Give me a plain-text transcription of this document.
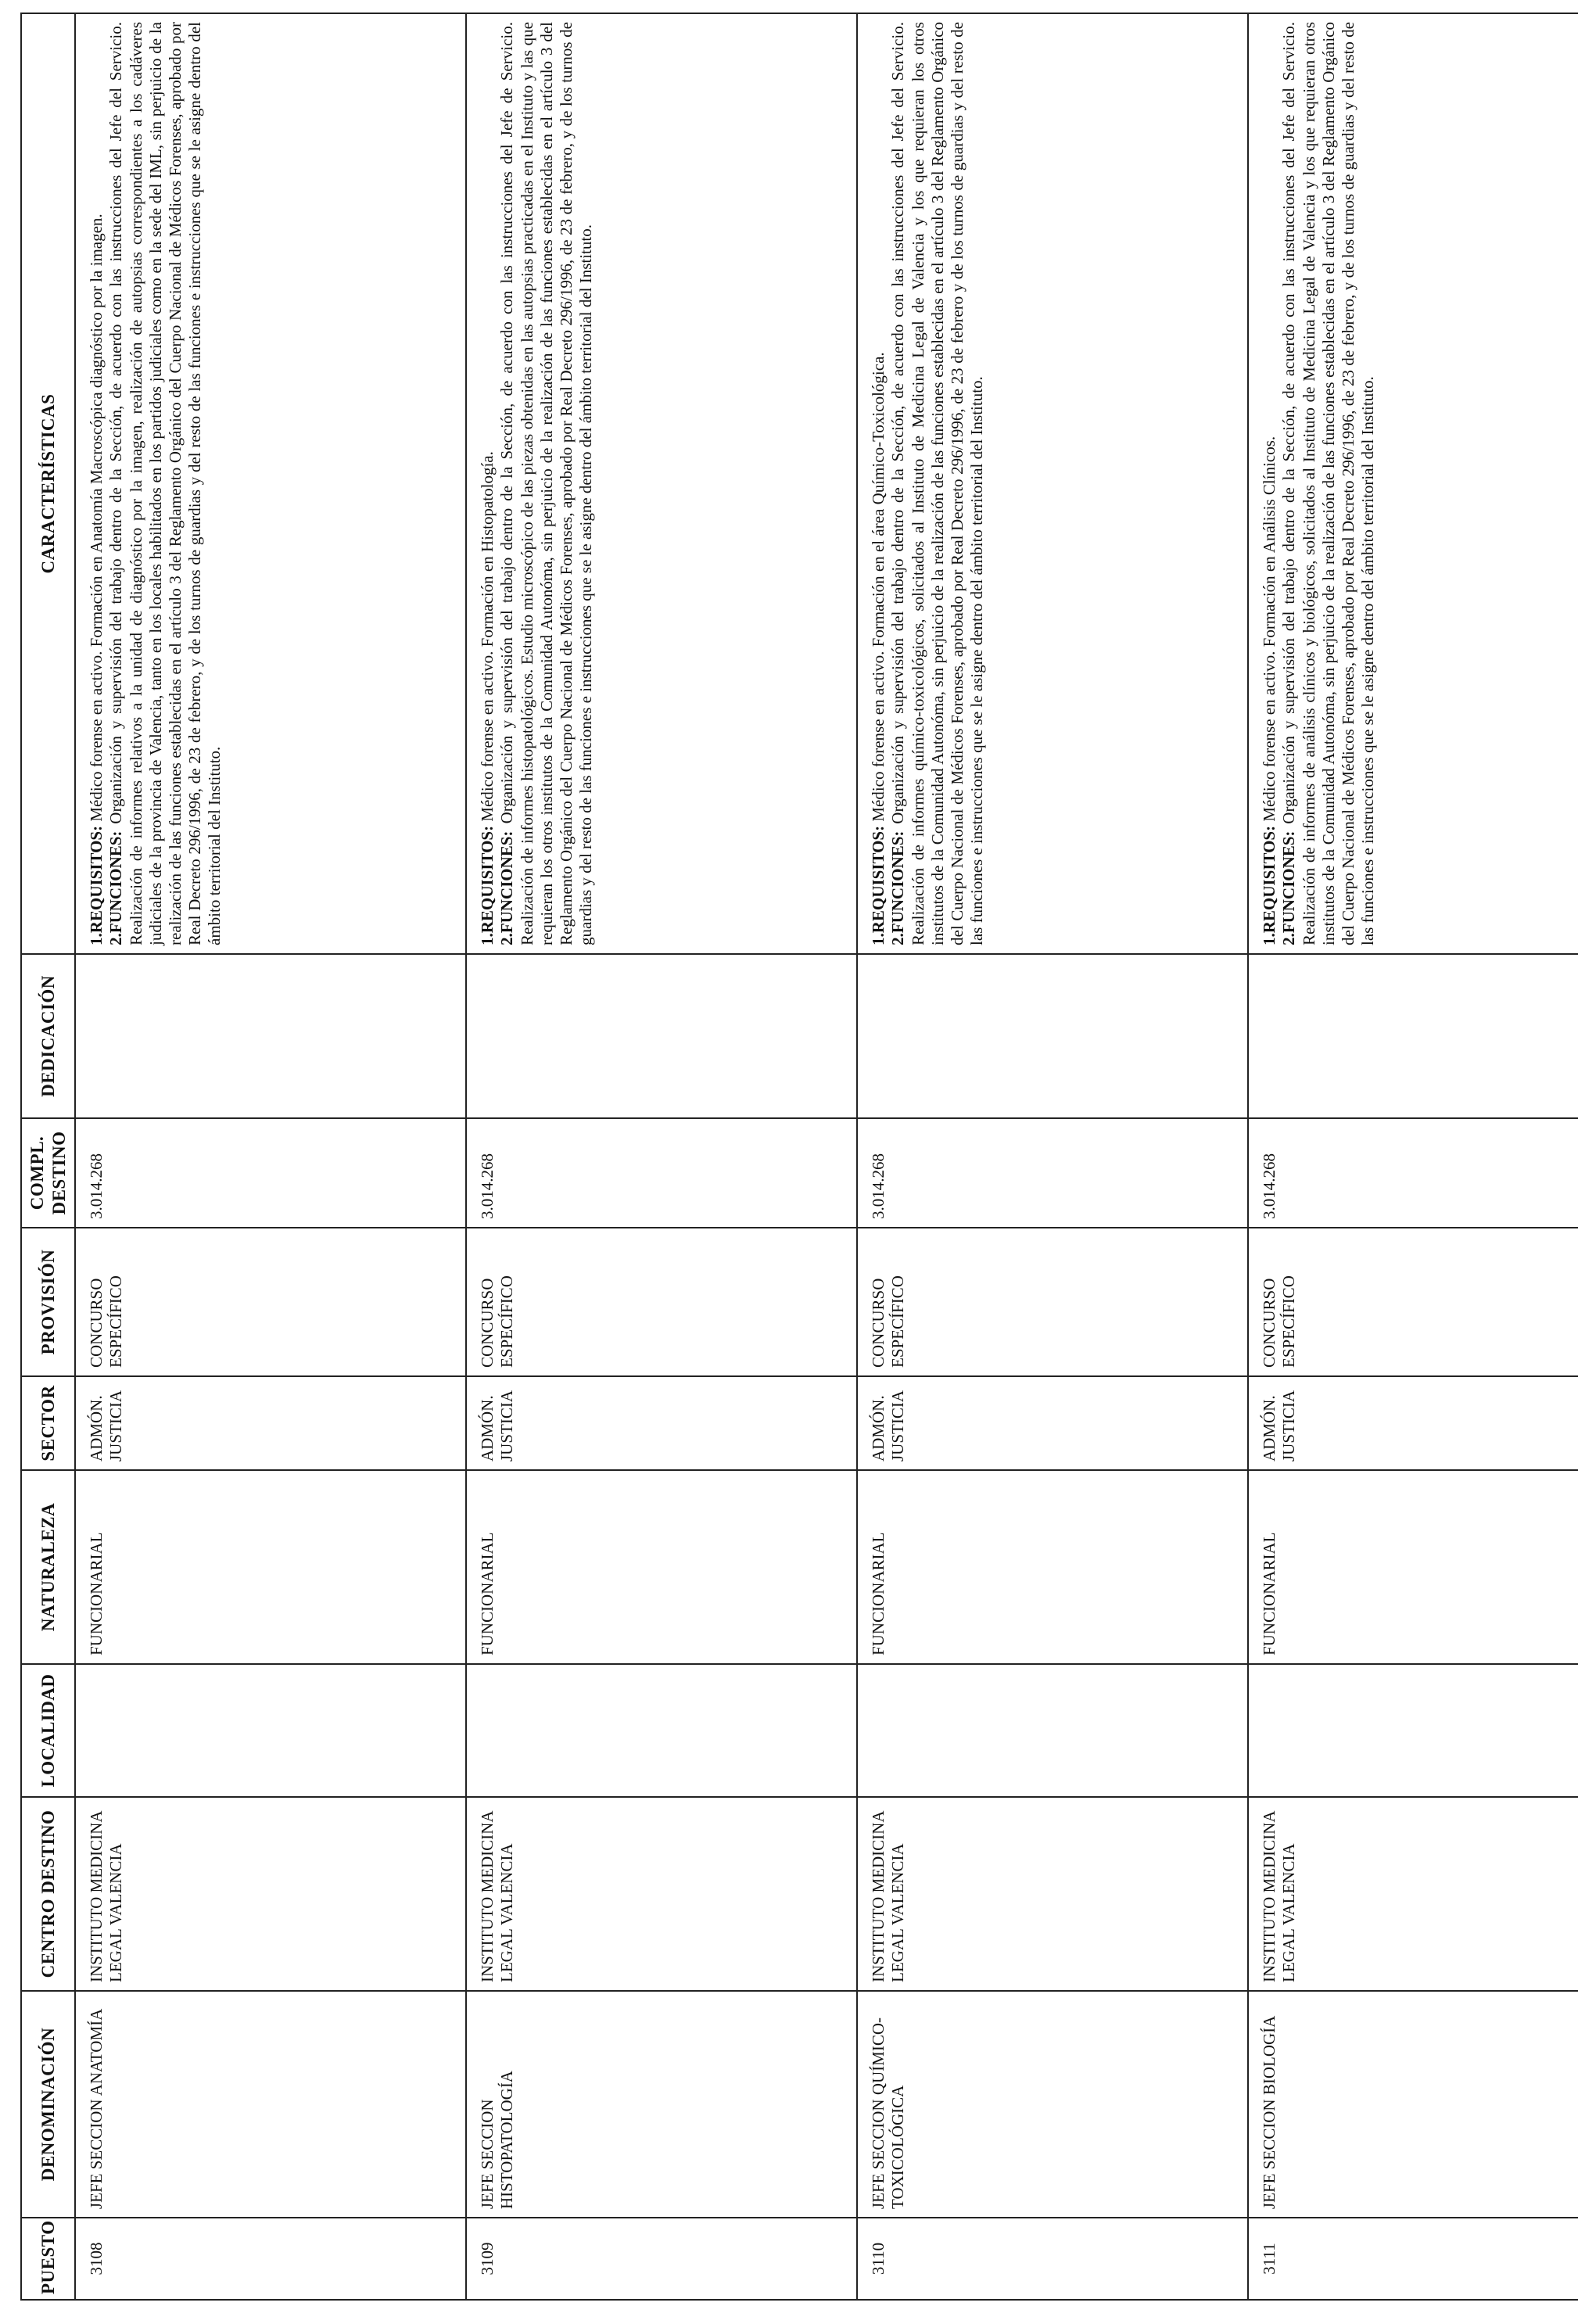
PUESTO	DENOMINACIÓN	CENTRO DESTINO	LOCALIDAD	NATURALEZA	SECTOR	PROVISIÓN	COMPL. DESTINO	DEDICACIÓN	CARACTERÍSTICAS
3108	JEFE SECCION ANATOMÍA	INSTITUTO MEDICINA LEGAL VALENCIA		FUNCIONARIAL	ADMÓN. JUSTICIA	CONCURSO ESPECÍFICO	3.014.268		1.REQUISITOS: Médico forense en activo. Formación en Anatomía Macroscópica diagnóstico por la imagen.

2.FUNCIONES: Organización y supervisión del trabajo dentro de la Sección, de acuerdo con las instrucciones del Jefe del Servicio. Realización de informes relativos a la unidad de diagnóstico por la imagen, realización de autopsias correspondientes a los cadáveres judiciales de la provincia de Valencia, tanto en los locales habilitados en los partidos judiciales como en la sede del IML, sin perjuicio de la realización de las funciones establecidas en el artículo 3 del Reglamento Orgánico del Cuerpo Nacional de Médicos Forenses, aprobado por Real Decreto 296/1996, de 23 de febrero, y de los turnos de guardias y del resto de las funciones e instrucciones que se le asigne dentro del ámbito territorial del Instituto.

3109	JEFE SECCION HISTOPATOLOGÍA	INSTITUTO MEDICINA LEGAL VALENCIA		FUNCIONARIAL	ADMÓN. JUSTICIA	CONCURSO ESPECÍFICO	3.014.268		1.REQUISITOS: Médico forense en activo. Formación en Histopatología.

2.FUNCIONES: Organización y supervisión del trabajo dentro de la Sección, de acuerdo con las instrucciones del Jefe de Servicio. Realización de informes histopatológicos. Estudio microscópico de las piezas obtenidas en las autopsias practicadas en el Instituto y las que requieran los otros institutos de la Comunidad Autonóma, sin perjuicio de la realización de las funciones establecidas en el artículo 3 del Reglamento Orgánico del Cuerpo Nacional de Médicos Forenses, aprobado por Real Decreto 296/1996, de 23 de febrero, y de los turnos de guardias y del resto de las funciones e instrucciones que se le asigne dentro del ámbito territorial del Instituto.

3110	JEFE SECCION QUÍMICO-TOXICOLÓGICA	INSTITUTO MEDICINA LEGAL VALENCIA		FUNCIONARIAL	ADMÓN. JUSTICIA	CONCURSO ESPECÍFICO	3.014.268		1.REQUISITOS: Médico forense en activo. Formación en el área Químico-Toxicológica.

2.FUNCIONES: Organización y supervisión del trabajo dentro de la Sección, de acuerdo con las instrucciones del Jefe del Servicio. Realización de informes químico-toxicológicos, solicitados al Instituto de Medicina Legal de Valencia y los que requieran los otros institutos de la Comunidad Autonóma, sin perjuicio de la realización de las funciones establecidas en el artículo 3 del Reglamento Orgánico del Cuerpo Nacional de Médicos Forenses, aprobado por Real Decreto 296/1996, de 23 de febrero y de los turnos de guardias y del resto de las funciones e instrucciones que se le asigne dentro del ámbito territorial del Instituto.

3111	JEFE SECCION BIOLOGÍA	INSTITUTO MEDICINA LEGAL VALENCIA		FUNCIONARIAL	ADMÓN. JUSTICIA	CONCURSO ESPECÍFICO	3.014.268		1.REQUISITOS: Médico forense en activo. Formación en Análisis Clínicos.

2.FUNCIONES: Organización y supervisión del trabajo dentro de la Sección, de acuerdo con las instrucciones del Jefe del Servicio. Realización de informes de análisis clínicos y biológicos, solicitados al Instituto de Medicina Legal de Valencia y los que requieran otros institutos de la Comunidad Autonóma, sin perjuicio de la realización de las funciones establecidas en el artículo 3 del Reglamento Orgánico del Cuerpo Nacional de Médicos Forenses, aprobado por Real Decreto 296/1996, de 23 de febrero, y de los turnos de guardias y del resto de las funciones e instrucciones que se le asigne dentro del ámbito territorial del Instituto.
